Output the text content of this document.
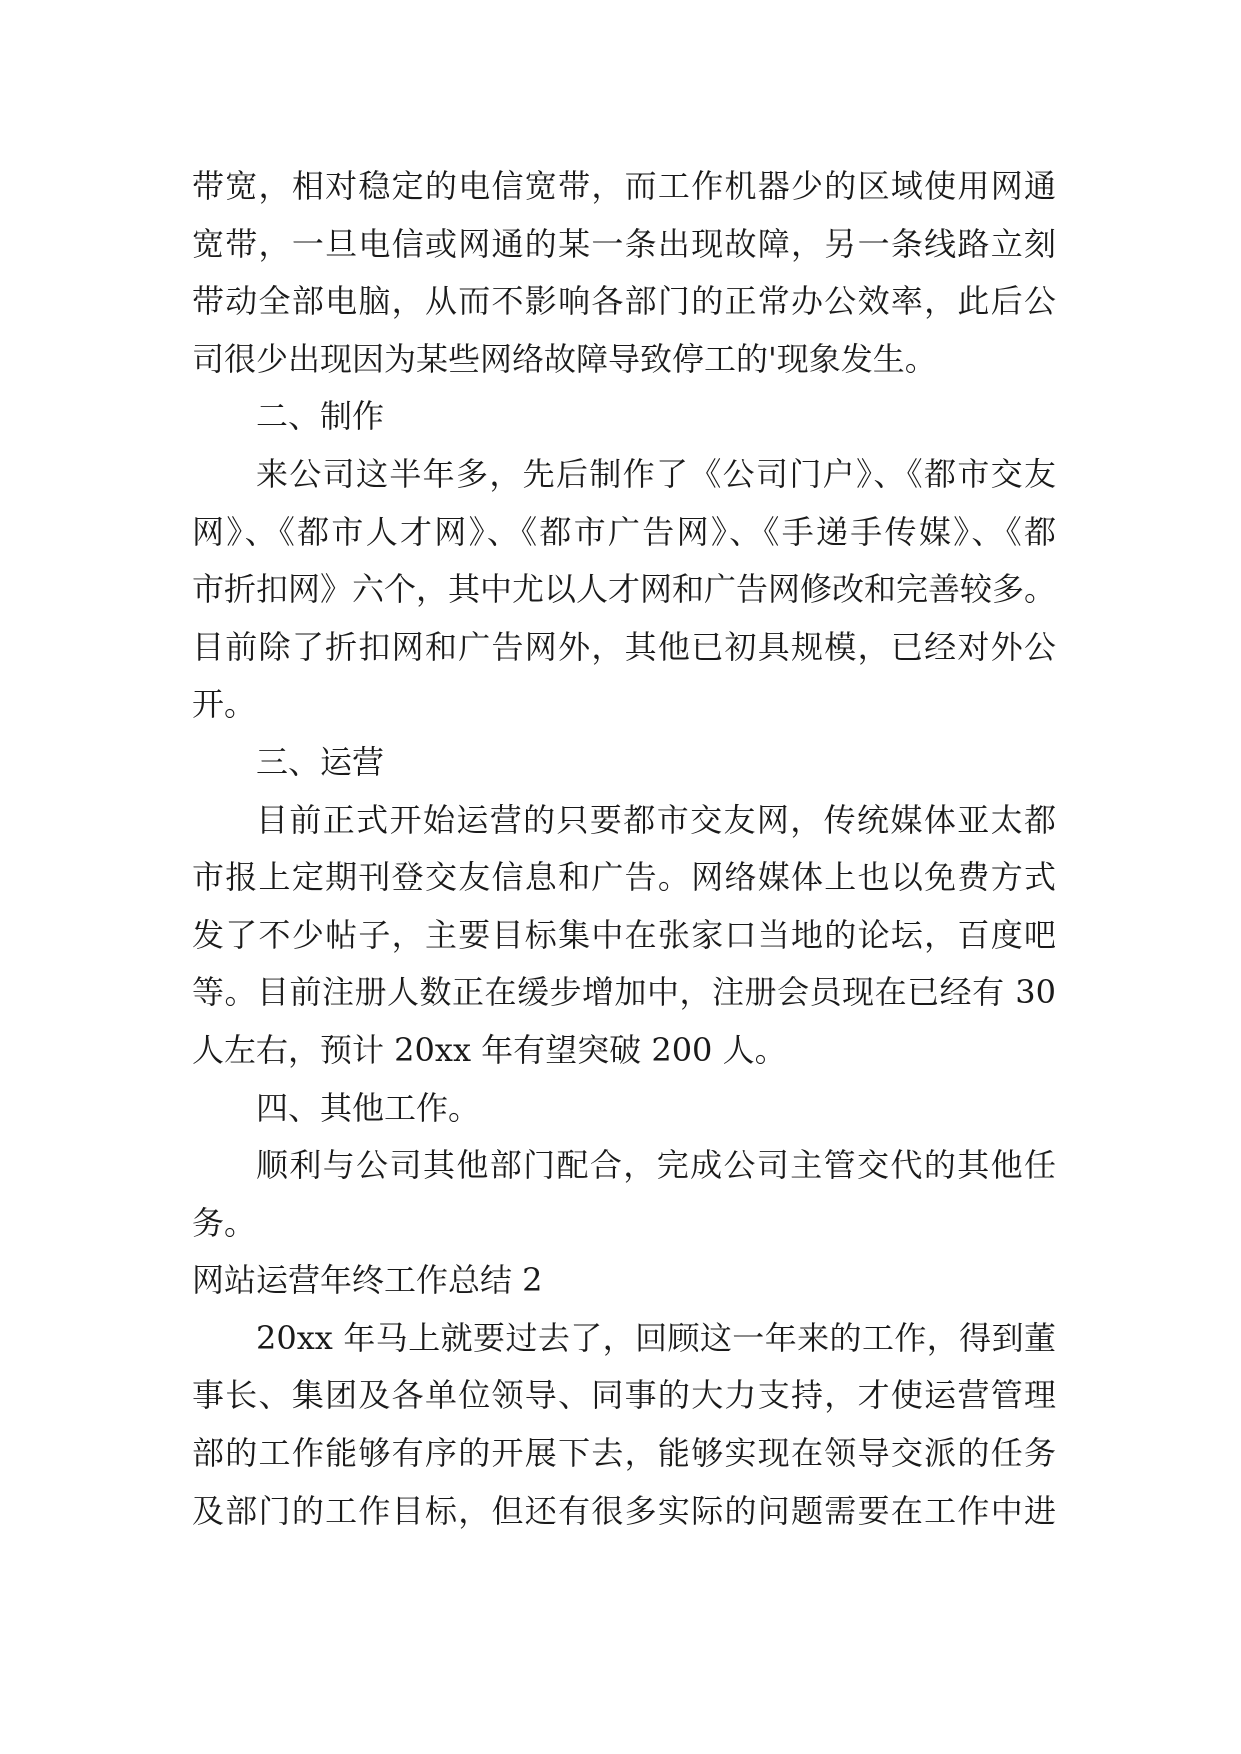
带宽，相对稳定的电信宽带，而工作机器少的区域使用网通
宽带，一旦电信或网通的某一条出现故障，另一条线路立刻
带动全部电脑，从而不影响各部门的正常办公效率，此后公
司很少出现因为某些网络故障导致停工的'现象发生。
二、制作
来公司这半年多，先后制作了《公司门户》、《都市交友
网》、《都市人才网》、《都市广告网》、《手递手传媒》、《都
市折扣网》六个，其中尤以人才网和广告网修改和完善较多。
目前除了折扣网和广告网外，其他已初具规模，已经对外公
开。
三、运营
目前正式开始运营的只要都市交友网，传统媒体亚太都
市报上定期刊登交友信息和广告。网络媒体上也以免费方式
发了不少帖子，主要目标集中在张家口当地的论坛，百度吧
等。目前注册人数正在缓步增加中，注册会员现在已经有 30
人左右，预计 20xx 年有望突破 200 人。
四、其他工作。
顺利与公司其他部门配合，完成公司主管交代的其他任
务。
网站运营年终工作总结 2
20xx 年马上就要过去了，回顾这一年来的工作，得到董
事长、集团及各单位领导、同事的大力支持，才使运营管理
部的工作能够有序的开展下去，能够实现在领导交派的任务
及部门的工作目标，但还有很多实际的问题需要在工作中进
